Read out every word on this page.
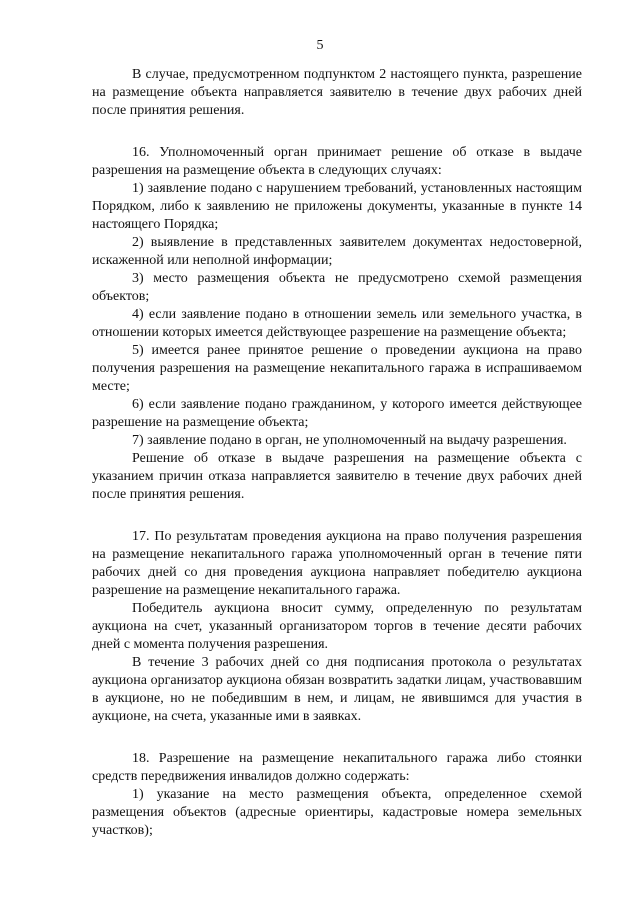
5

В случае, предусмотренном подпунктом 2 настоящего пункта, разрешение на размещение объекта направляется заявителю в течение двух рабочих дней после принятия решения.

16. Уполномоченный орган принимает решение об отказе в выдаче разрешения на размещение объекта в следующих случаях:

1) заявление подано с нарушением требований, установленных настоящим Порядком, либо к заявлению не приложены документы, указанные в пункте 14 настоящего Порядка;

2) выявление в представленных заявителем документах недостоверной, искаженной или неполной информации;

3) место размещения объекта не предусмотрено схемой размещения объектов;

4) если заявление подано в отношении земель или земельного участка, в отношении которых имеется действующее разрешение на размещение объекта;

5) имеется ранее принятое решение о проведении аукциона на право получения разрешения на размещение некапитального гаража в испрашиваемом месте;

6) если заявление подано гражданином, у которого имеется действующее разрешение на размещение объекта;

7) заявление подано в орган, не уполномоченный на выдачу разрешения.

Решение об отказе в выдаче разрешения на размещение объекта с указанием причин отказа направляется заявителю в течение двух рабочих дней после принятия решения.

17. По результатам проведения аукциона на право получения разрешения на размещение некапитального гаража уполномоченный орган в течение пяти рабочих дней со дня проведения аукциона направляет победителю аукциона разрешение на размещение некапитального гаража.

Победитель аукциона вносит сумму, определенную по результатам аукциона на счет, указанный организатором торгов в течение десяти рабочих дней с момента получения разрешения.

В течение 3 рабочих дней со дня подписания протокола о результатах аукциона организатор аукциона обязан возвратить задатки лицам, участвовавшим в аукционе, но не победившим в нем, и лицам, не явившимся для участия в аукционе, на счета, указанные ими в заявках.

18. Разрешение на размещение некапитального гаража либо стоянки средств передвижения инвалидов должно содержать:

1) указание на место размещения объекта, определенное схемой размещения объектов (адресные ориентиры, кадастровые номера земельных участков);
